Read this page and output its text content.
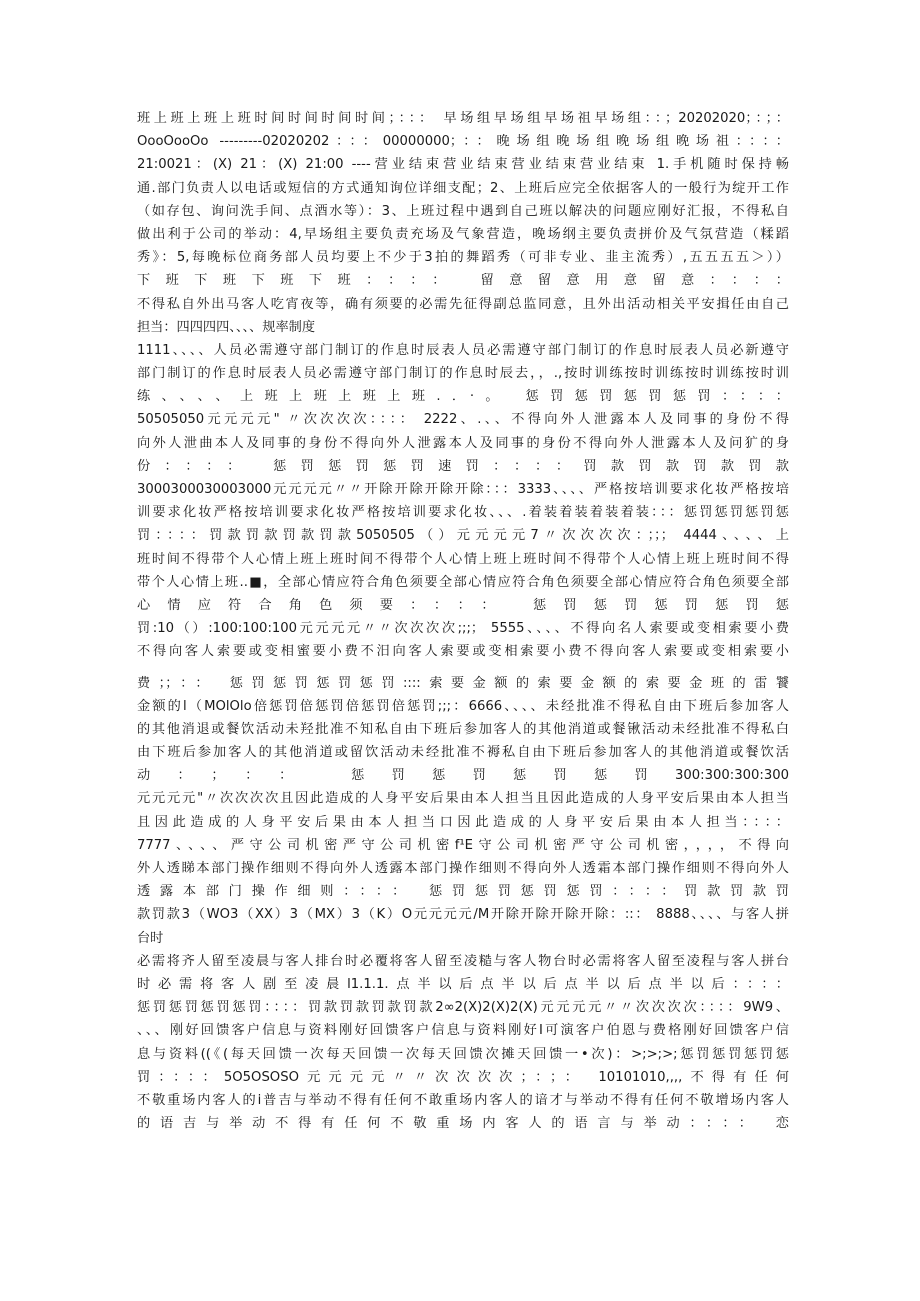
班上班上班上班时间时间时间时间；：：： 早场组早场组早场祖早场组：：；20202020；：；：
OooOooOo ---------02020202：：：00000000；：：晚场组晚场组晚场组晚场祖：：：：
21:0021：(X) 21：(X) 21:00 ----营业结束营业结束营业结束营业结束 1.手机随时保持畅
通.部门负责人以电话或短信的方式通知询位详细支配；2、上班后应完全依据客人的一般行为绽开工作
（如存包、询问洗手间、点酒水等）：3、上班过程中遇到自己班以解决的问题应刚好汇报，不得私自
做出利于公司的举动：4,早场组主要负责充场及气象营造，晚场纲主要负责拼价及气氛营造（糅蹈
秀》：5,每晚标位商务部人员均要上不少于3拍的舞蹈秀（可非专业、韭主流秀）,五五五五＞））
下班下班下班下班：：：： 留意留意用意留意：：：：
不得私自外出马客人吃宵夜等，确有须要的必需先征得副总监同意，且外出活动相关平安揖任由自己
担当：四四四四、、、、规率制度
1111、、、、人员必需遵守部门制订的作息时辰表人员必需遵守部门制订的作息时辰表人员必新遵守
部门制订的作息时辰表人员必需遵守部门制订的作息时辰去，，.,按时训练按时训练按时训练按时训
练、、、、上班上班上班上班.．·。 惩罚惩罚惩罚惩罚：：：：
50505050元元元元" 〃次次次次：：：： 2222、.、、不得向外人泄露本人及同事的身份不得
向外人泄曲本人及同事的身份不得向外人泄露本人及同事的身份不得向外人泄露本人及问犷的身
份：：：： 惩罚惩罚惩罚速罚：：：：罚款罚款罚款罚款
3000300030003000元元元元〃〃开除开除开除开除：：：3333、、、、严格按培训要求化妆严格按培
训要求化妆严格按培训要求化妆严格按培训要求化妆、、、.着装着装着装着装：：：惩罚惩罚惩罚惩
罚：：：：罚款罚款罚款罚款5050505（）元元元元7〃次次次次：；；； 4444、、、、上
班时间不得带个人心情上班上班时间不得带个人心情上班上班时间不得带个人心情上班上班时间不得
带个人心情上班..■，全部心情应符合角色须要全部心情应符合角色须要全部心情应符合角色须要全部
心情应符合角色须要：：：： 惩罚惩罚惩罚惩罚惩
罚:10（）:100:100:100元元元元〃〃次次次次;;;； 5555、、、、不得向名人索要或变相索要小费
不得向客人索要或变相蜜要小费不汨向客人索要或变相索要小费不得向客人索要或变相索要小
费；；：： 惩罚惩罚惩罚惩罚::::索要金额的索要金额的索要金班的雷饕
金额的l（MOlOlo倍惩罚倍惩罚倍惩罚倍惩罚;;;：6666、、、、未经批准不得私自由下班后参加客人
的其他消退或餐饮活动未羟批准不知私自由下班后参加客人的其他消道或餐锹活动未经批准不得私白
由下班后参加客人的其他消道或留饮活动未经批准不褥私自由下班后参加客人的其他消道或餐饮活
动：；：： 惩罚惩罚惩罚惩罚300:300:300:300
元元元元"〃次次次次且因此造成的人身平安后果由本人担当且因此造成的人身平安后果由本人担当
且因此造成的人身平安后果由本人担当口因此造成的人身平安后果由本人担当：：：：
7777、、、、严守公司机密严守公司机密f¹E守公司机密严守公司机密，，，，不得向
外人透睇本部门操作细则不得向外人透露本部门操作细则不得向外人透霜本部门操作细则不得向外人
透露本部门操作细则：：：： 惩罚惩罚惩罚惩罚：：：：罚款罚款罚
款罚款3（WO3（XX）3（MX）3（K）O元元元元/M开除开除开除开除：::： 8888、、、、与客人拼
台时
必需将齐人留至凌晨与客人排台时必覆将客人留至凌糙与客人物台时必需将客人留至凌程与客人拼台
时必需将客人剧至凌晨l1.1.1.点半以后点半以后点半以后点半以后：：：：
惩罚惩罚惩罚惩罚：：：：罚款罚款罚款罚款2∞2(X)2(X)2(X)元元元元〃〃次次次次：：：：9W9、
、、、刚好回馈客户信息与资料刚好回馈客户信息与资料刚好I可演客户伯恩与费格刚好回馈客户信
息与资料((《(每天回馈一次每天回馈一次每天回馈次摊天回馈一•次)：>;>;>;惩罚惩罚惩罚惩
罚：：：：5O5OSOSO元元元元〃〃次次次次；：；： 10101010,,,,不得有任何
不敬重场内客人的i普吉与举动不得有任何不敢重场内客人的谙才与举动不得有任何不敬增场内客人
的语吉与举动不得有任何不敬重场内客人的语言与举动：：：： 恋
